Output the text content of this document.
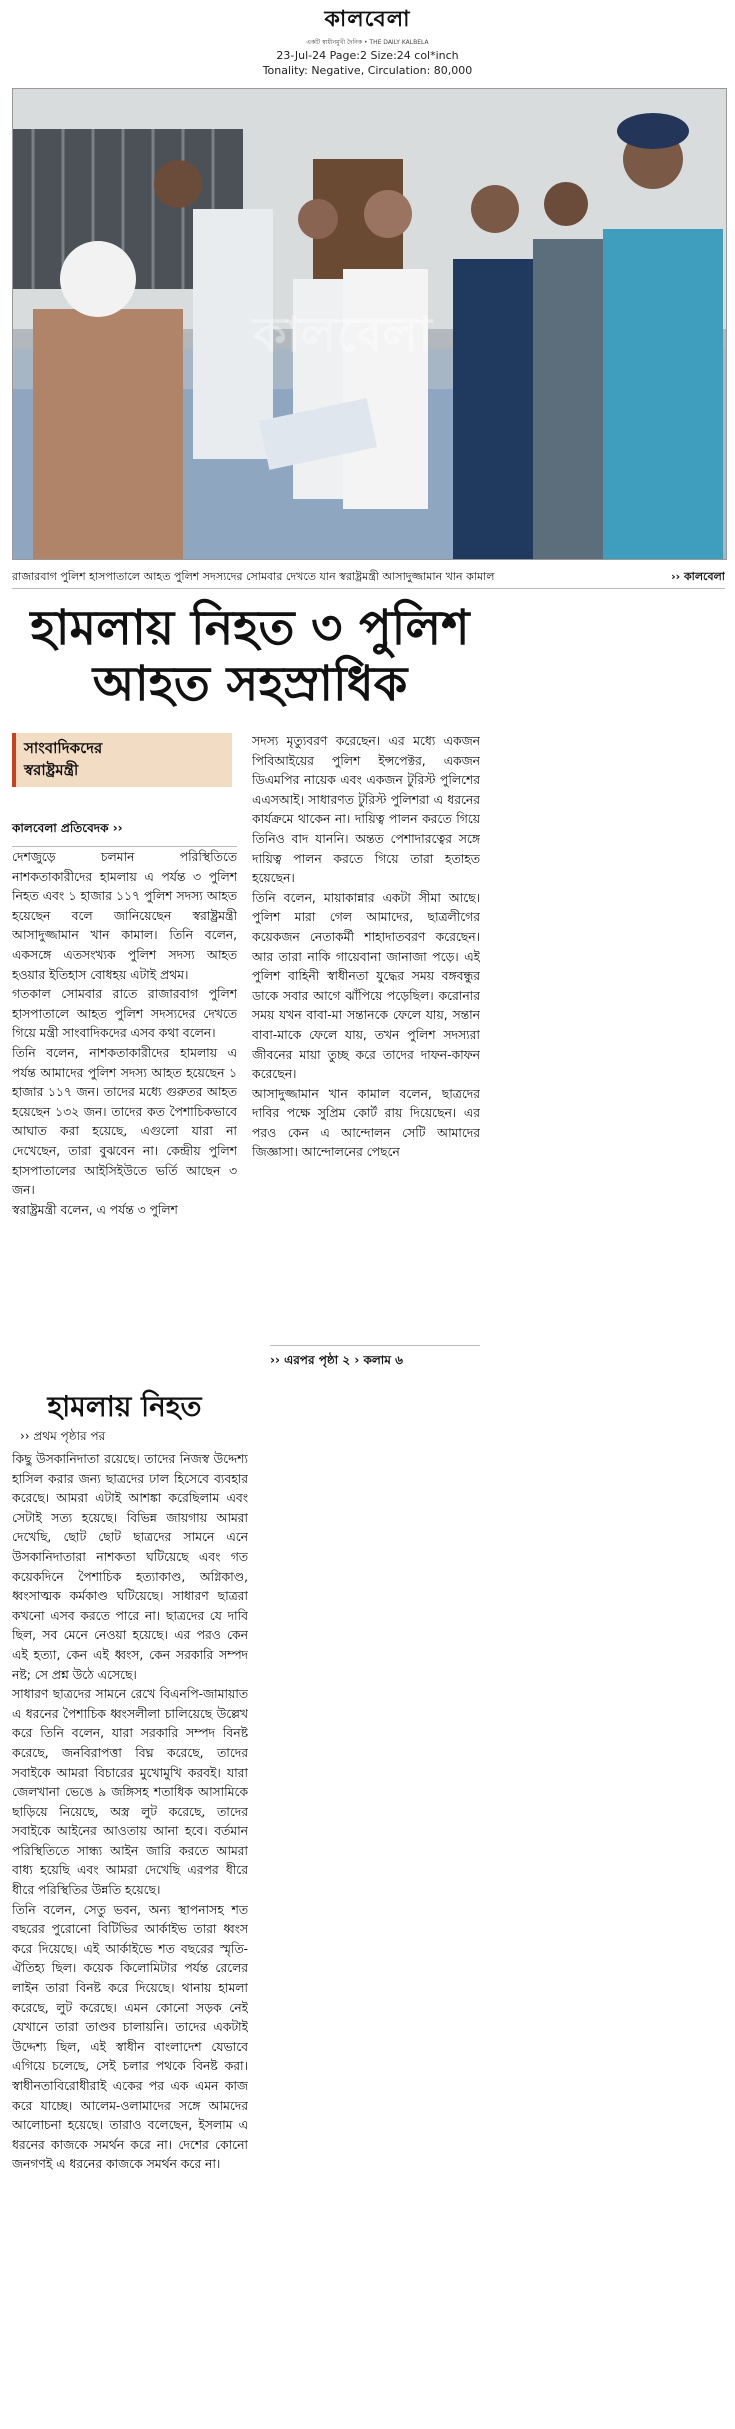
কালবেলা
একটি স্বাধীনমুখী দৈনিক • THE DAILY KALBELA
23-Jul-24 Page:2 Size:24 col*inch
Tonality: Negative, Circulation: 80,000
কালবেলা
রাজারবাগ পুলিশ হাসপাতালে আহত পুলিশ সদস্যদের সোমবার দেখতে যান স্বরাষ্ট্রমন্ত্রী আসাদুজ্জামান খান কামাল	›› কালবেলা
হামলায় নিহত ৩ পুলিশ
আহত সহস্রাধিক
সাংবাদিকদের
স্বরাষ্ট্রমন্ত্রী
কালবেলা প্রতিবেদক ››

দেশজুড়ে চলমান পরিস্থিতিতে নাশকতাকারীদের হামলায় এ পর্যন্ত ৩ পুলিশ নিহত এবং ১ হাজার ১১৭ পুলিশ সদস্য আহত হয়েছেন বলে জানিয়েছেন স্বরাষ্ট্রমন্ত্রী আসাদুজ্জামান খান কামাল। তিনি বলেন, একসঙ্গে এতসংখ্যক পুলিশ সদস্য আহত হওয়ার ইতিহাস বোধহয় এটাই প্রথম।

গতকাল সোমবার রাতে রাজারবাগ পুলিশ হাসপাতালে আহত পুলিশ সদস্যদের দেখতে গিয়ে মন্ত্রী সাংবাদিকদের এসব কথা বলেন।

তিনি বলেন, নাশকতাকারীদের হামলায় এ পর্যন্ত আমাদের পুলিশ সদস্য আহত হয়েছেন ১ হাজার ১১৭ জন। তাদের মধ্যে গুরুতর আহত হয়েছেন ১৩২ জন। তাদের কত পৈশাচিকভাবে আঘাত করা হয়েছে, এগুলো যারা না দেখেছেন, তারা বুঝবেন না। কেন্দ্রীয় পুলিশ হাসপাতালের আইসিইউতে ভর্তি আছেন ৩ জন।

স্বরাষ্ট্রমন্ত্রী বলেন, এ পর্যন্ত ৩ পুলিশ

সদস্য মৃত্যুবরণ করেছেন। এর মধ্যে একজন পিবিআইয়ের পুলিশ ইন্সপেক্টর, একজন ডিএমপির নায়েক এবং একজন টুরিস্ট পুলিশের এএসআই। সাধারণত টুরিস্ট পুলিশরা এ ধরনের কার্যক্রমে থাকেন না। দায়িত্ব পালন করতে গিয়ে তিনিও বাদ যাননি। অন্তত পেশাদারত্বের সঙ্গে দায়িত্ব পালন করতে গিয়ে তারা হতাহত হয়েছেন।

তিনি বলেন, মায়াকান্নার একটা সীমা আছে। পুলিশ মারা গেল আমাদের, ছাত্রলীগের কয়েকজন নেতাকর্মী শাহাদাতবরণ করেছেন। আর তারা নাকি গায়েবানা জানাজা পড়ে। এই পুলিশ বাহিনী স্বাধীনতা যুদ্ধের সময় বঙ্গবন্ধুর ডাকে সবার আগে ঝাঁপিয়ে পড়েছিল। করোনার সময় যখন বাবা-মা সন্তানকে ফেলে যায়, সন্তান বাবা-মাকে ফেলে যায়, তখন পুলিশ সদস্যরা জীবনের মায়া তুচ্ছ করে তাদের দাফন-কাফন করেছেন।

আসাদুজ্জামান খান কামাল বলেন, ছাত্রদের দাবির পক্ষে সুপ্রিম কোর্ট রায় দিয়েছেন। এর পরও কেন এ আন্দোলন সেটি আমাদের জিজ্ঞাসা। আন্দোলনের পেছনে

›› এরপর পৃষ্ঠা ২ › কলাম ৬
হামলায় নিহত
›› প্রথম পৃষ্ঠার পর

কিছু উসকানিদাতা রয়েছে। তাদের নিজস্ব উদ্দেশ্য হাসিল করার জন্য ছাত্রদের ঢাল হিসেবে ব্যবহার করেছে। আমরা এটাই আশঙ্কা করেছিলাম এবং সেটাই সত্য হয়েছে। বিভিন্ন জায়গায় আমরা দেখেছি, ছোট ছোট ছাত্রদের সামনে এনে উসকানিদাতারা নাশকতা ঘটিয়েছে এবং গত কয়েকদিনে পৈশাচিক হত্যাকাণ্ড, অগ্নিকাণ্ড, ধ্বংসাত্মক কর্মকাণ্ড ঘটিয়েছে। সাধারণ ছাত্ররা কখনো এসব করতে পারে না। ছাত্রদের যে দাবি ছিল, সব মেনে নেওয়া হয়েছে। এর পরও কেন এই হত্যা, কেন এই ধ্বংস, কেন সরকারি সম্পদ নষ্ট; সে প্রশ্ন উঠে এসেছে।

সাধারণ ছাত্রদের সামনে রেখে বিএনপি-জামায়াত এ ধরনের পৈশাচিক ধ্বংসলীলা চালিয়েছে উল্লেখ করে তিনি বলেন, যারা সরকারি সম্পদ বিনষ্ট করেছে, জনবিরাপত্তা বিঘ্ন করেছে, তাদের সবাইকে আমরা বিচারের মুখোমুখি করবই। যারা জেলখানা ভেঙে ৯ জঙ্গিসহ শতাধিক আসামিকে ছাড়িয়ে নিয়েছে, অস্ত্র লুট করেছে, তাদের সবাইকে আইনের আওতায় আনা হবে। বর্তমান পরিস্থিতিতে সান্ধ্য আইন জারি করতে আমরা বাধ্য হয়েছি এবং আমরা দেখেছি এরপর ধীরে ধীরে পরিস্থিতির উন্নতি হয়েছে।

তিনি বলেন, সেতু ভবন, অন্য স্থাপনাসহ শত বছরের পুরোনো বিটিভির আর্কাইভ তারা ধ্বংস করে দিয়েছে। এই আর্কাইভে শত বছরের স্মৃতি-ঐতিহ্য ছিল। কয়েক কিলোমিটার পর্যন্ত রেলের লাইন তারা বিনষ্ট করে দিয়েছে। থানায় হামলা করেছে, লুট করেছে। এমন কোনো সড়ক নেই যেখানে তারা তাণ্ডব চালায়নি। তাদের একটাই উদ্দেশ্য ছিল, এই স্বাধীন বাংলাদেশ যেভাবে এগিয়ে চলেছে, সেই চলার পথকে বিনষ্ট করা। স্বাধীনতাবিরোধীরাই একের পর এক এমন কাজ করে যাচ্ছে। আলেম-ওলামাদের সঙ্গে আমদের আলোচনা হয়েছে। তারাও বলেছেন, ইসলাম এ ধরনের কাজকে সমর্থন করে না। দেশের কোনো জনগণই এ ধরনের কাজকে সমর্থন করে না।
